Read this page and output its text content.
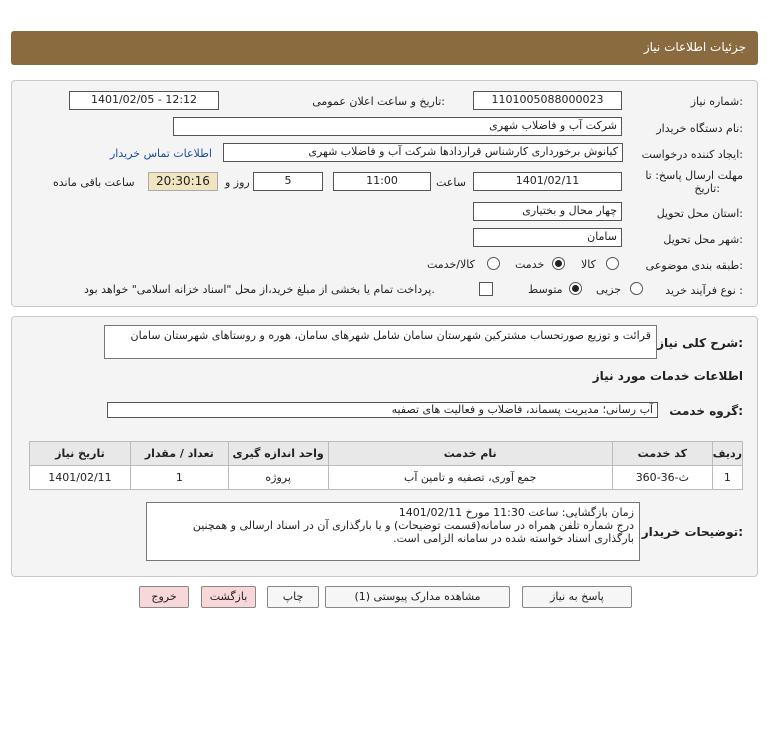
جزئیات اطلاعات نیاز
شماره نیاز:
1101005088000023
تاریخ و ساعت اعلان عمومی:
1401/02/05 - 12:12
نام دستگاه خریدار:
شرکت آب و فاضلاب شهری
ایجاد کننده درخواست:
کیانوش برخورداری کارشناس قراردادها شرکت آب و فاضلاب شهری
اطلاعات تماس خریدار
مهلت ارسال پاسخ: تا
تاریخ:
1401/02/11
ساعت
11:00
5
روز و
20:30:16
ساعت باقی مانده
استان محل تحویل:
چهار محال و بختیاری
شهر محل تحویل:
سامان
طبقه بندی موضوعی:
کالا
خدمت
کالا/خدمت
نوع فرآیند خرید :
جزیی
متوسط
پرداخت تمام یا بخشی از مبلغ خرید،از محل "اسناد خزانه اسلامی" خواهد بود.
شرح کلی نیاز:
قرائت و توزیع صورتحساب مشترکین شهرستان سامان شامل شهرهای سامان، هوره و روستاهای شهرستان سامان
اطلاعات خدمات مورد نیاز
گروه خدمت:
آب رسانی؛ مدیریت پسماند، فاضلاب و فعالیت های تصفیه
ردیف	کد خدمت	نام خدمت	واحد اندازه گیری	تعداد / مقدار	تاریخ نیاز
1	ث-36-360	جمع آوری، تصفیه و تامین آب	پروژه	1	1401/02/11
توضیحات خریدار:
زمان بازگشایی: ساعت 11:30 مورخ 1401/02/11
درج شماره تلفن همراه در سامانه(قسمت توضیحات) و یا بارگذاری آن در اسناد ارسالی و همچنین بارگذاری اسناد خواسته شده در سامانه الزامی است.
پاسخ به نیاز
مشاهده مدارک پیوستی (1)
چاپ
بازگشت
خروج
